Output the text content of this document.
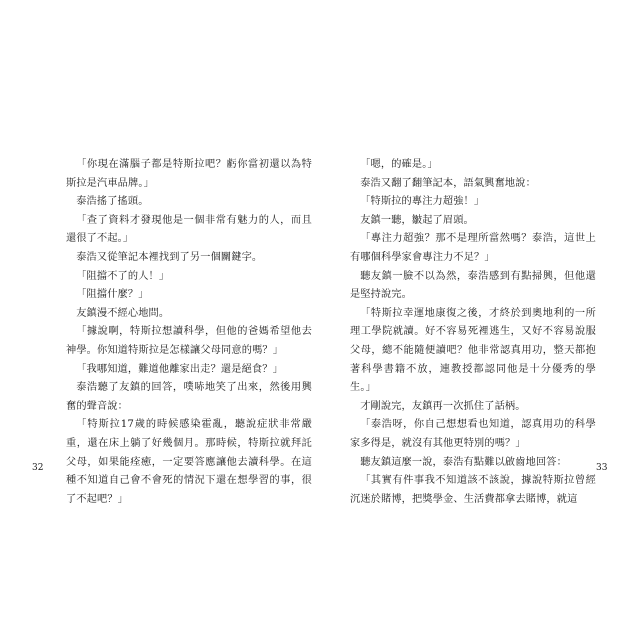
「你現在滿腦子都是特斯拉吧？虧你當初還以為特斯拉是汽車品牌。」

泰浩搖了搖頭。

「查了資料才發現他是一個非常有魅力的人，而且還很了不起。」

泰浩又從筆記本裡找到了另一個關鍵字。

「阻擋不了的人！」

「阻擋什麼？」

友鎮漫不經心地問。

「據說啊，特斯拉想讀科學，但他的爸媽希望他去神學。你知道特斯拉是怎樣讓父母同意的嗎？」

「我哪知道，難道他離家出走？還是絕食？」

泰浩聽了友鎮的回答，噗哧地笑了出來，然後用興奮的聲音說：

「特斯拉17歲的時候感染霍亂，聽說症狀非常嚴重，還在床上躺了好幾個月。那時候，特斯拉就拜託父母，如果能痊癒，一定要答應讓他去讀科學。在這種不知道自己會不會死的情況下還在想學習的事，很了不起吧？」

「嗯，的確是。」

泰浩又翻了翻筆記本，語氣興奮地說：

「特斯拉的專注力超強！」

友鎮一聽，皺起了眉頭。

「專注力超強？那不是理所當然嗎？泰浩，這世上有哪個科學家會專注力不足？」

聽友鎮一臉不以為然，泰浩感到有點掃興，但他還是堅持說完。

「特斯拉幸運地康復之後，才終於到奧地利的一所理工學院就讀。好不容易死裡逃生，又好不容易說服父母，總不能隨便讀吧？他非常認真用功，整天都抱著科學書籍不放，連教授都認同他是十分優秀的學生。」

才剛說完，友鎮再一次抓住了話柄。

「泰浩呀，你自己想想看也知道，認真用功的科學家多得是，就沒有其他更特別的嗎？」

聽友鎮這麼一說，泰浩有點難以啟齒地回答：

「其實有件事我不知道該不該說，據說特斯拉曾經沉迷於賭博，把獎學金、生活費都拿去賭博，就這

32	33
